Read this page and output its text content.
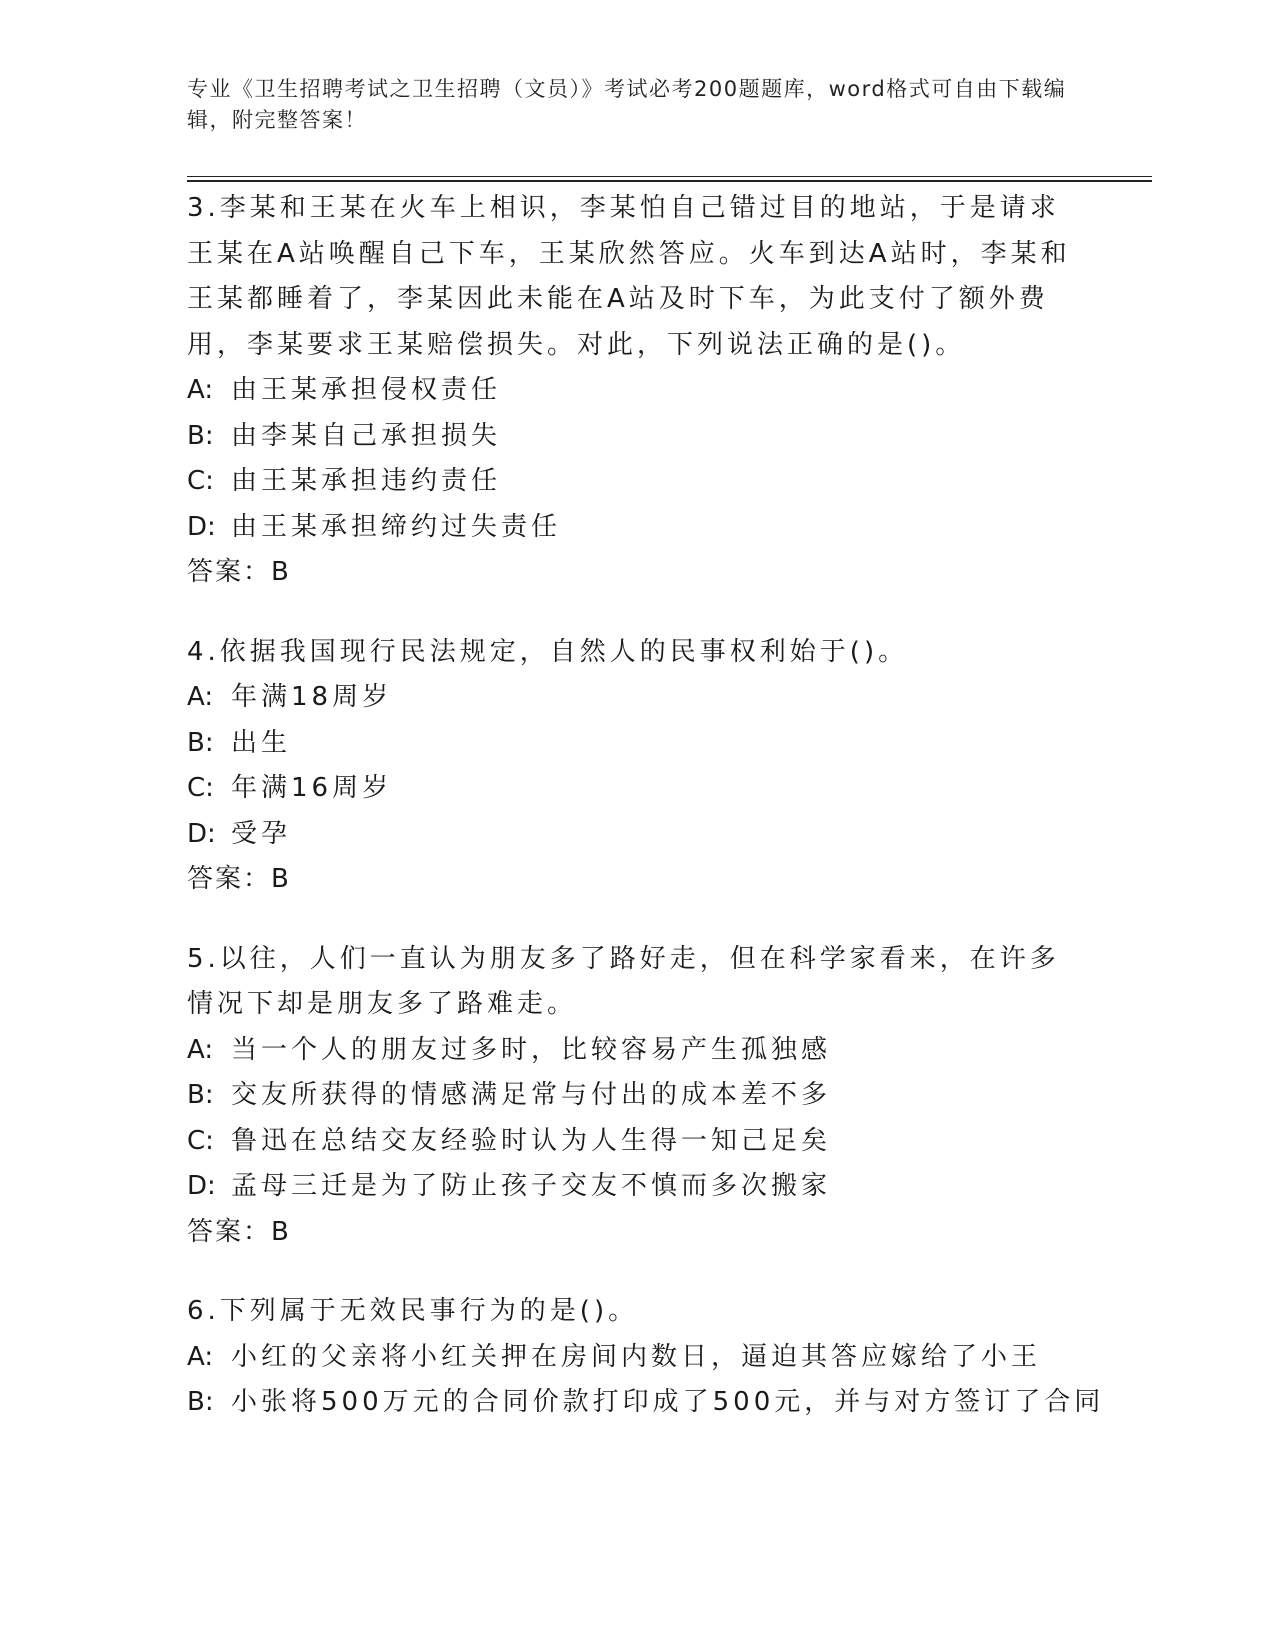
专业《卫生招聘考试之卫生招聘（文员）》考试必考200题题库，word格式可自由下载编辑，附完整答案！

3.李某和王某在火车上相识，李某怕自己错过目的地站，于是请求王某在A站唤醒自己下车，王某欣然答应。火车到达A站时，李某和王某都睡着了，李某因此未能在A站及时下车，为此支付了额外费用，李某要求王某赔偿损失。对此，下列说法正确的是()。

A: 由王某承担侵权责任

B: 由李某自己承担损失

C: 由王某承担违约责任

D: 由王某承担缔约过失责任

答案：B

4.依据我国现行民法规定，自然人的民事权利始于()。

A: 年满18周岁

B: 出生

C: 年满16周岁

D: 受孕

答案：B

5.以往，人们一直认为朋友多了路好走，但在科学家看来，在许多情况下却是朋友多了路难走。

A: 当一个人的朋友过多时，比较容易产生孤独感

B: 交友所获得的情感满足常与付出的成本差不多

C: 鲁迅在总结交友经验时认为人生得一知己足矣

D: 孟母三迁是为了防止孩子交友不慎而多次搬家

答案：B

6.下列属于无效民事行为的是()。

A: 小红的父亲将小红关押在房间内数日，逼迫其答应嫁给了小王

B: 小张将500万元的合同价款打印成了500元，并与对方签订了合同
